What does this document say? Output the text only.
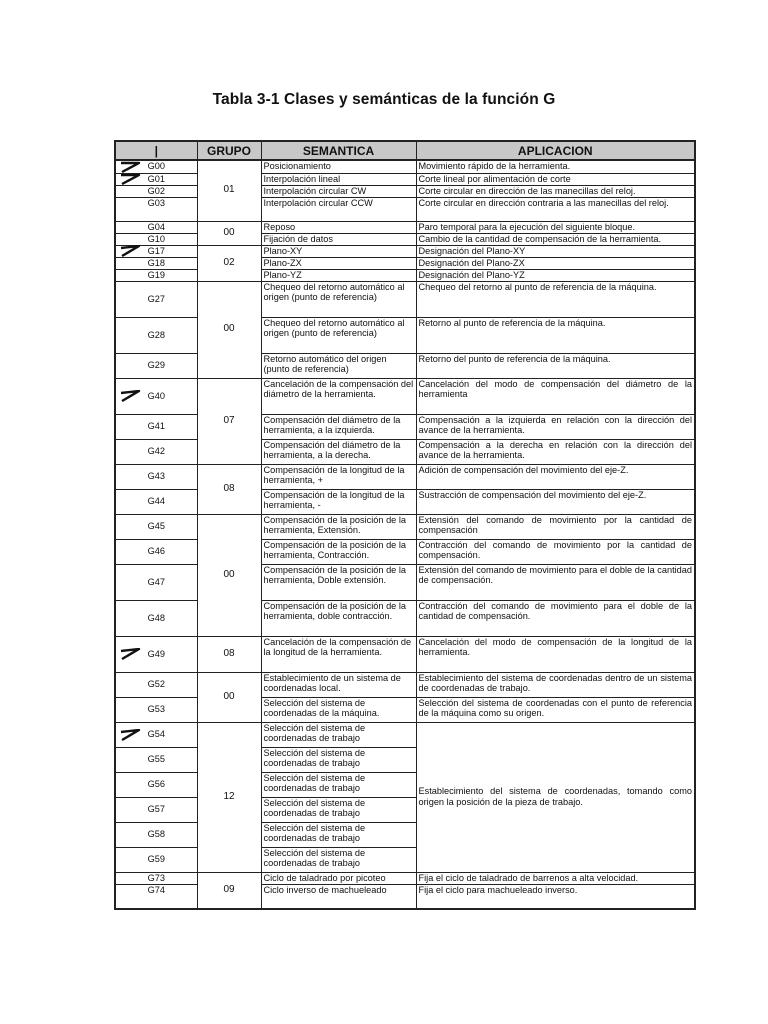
Tabla 3-1 Clases y semánticas de la función G
|	GRUPO	SEMANTICA	APLICACION

G00	01	Posicionamiento	Movimiento rápido de la herramienta.

G01		Interpolación lineal	Corte lineal por alimentación de corte
G02		Interpolación circular CW	Corte circular en dirección de las manecillas del reloj.
G03		Interpolación circular CCW	Corte circular en dirección contraria a las manecillas del reloj.
G04	00	Reposo	Paro temporal para la ejecución del siguiente bloque.
G10		Fijación de datos	Cambio de la cantidad de compensación de la herramienta.

G17	02	Plano-XY	Designación del Plano-XY
G18		Plano-ZX	Designación del Plano-ZX
G19		Plano-YZ	Designación del Plano-YZ
G27	00	Chequeo del retorno automático al origen (punto de referencia)	Chequeo del retorno al punto de referencia de la máquina.
G28		Chequeo del retorno automático al origen (punto de referencia)	Retorno al punto de referencia de la máquina.
G29		Retorno automático del origen (punto de referencia)	Retorno del punto de referencia de la máquina.

G40	07	Cancelación de la compensación del diámetro de la herramienta.	Cancelación del modo de compensación del diámetro de la herramienta
G41		Compensación del diámetro de la herramienta, a la izquierda.	Compensación a la izquierda en relación con la dirección del avance de la herramienta.
G42		Compensación del diámetro de la herramienta, a la derecha.	Compensación a la derecha en relación con la dirección del avance de la herramienta.
G43	08	Compensación de la longitud de la herramienta, +	Adición de compensación del movimiento del eje-Z.
G44		Compensación de la longitud de la herramienta, -	Sustracción de compensación del movimiento del eje-Z.
G45	00	Compensación de la posición de la herramienta, Extensión.	Extensión del comando de movimiento por la cantidad de compensación
G46		Compensación de la posición de la herramienta, Contracción.	Contracción del comando de movimiento por la cantidad de compensación.
G47		Compensación de la posición de la herramienta, Doble extensión.	Extensión del comando de movimiento para el doble de la cantidad de compensación.
G48		Compensación de la posición de la herramienta, doble contracción.	Contracción del comando de movimiento para el doble de la cantidad de compensación.

G49	08	Cancelación de la compensación de la longitud de la herramienta.	Cancelación del modo de compensación de la longitud de la herramienta.
G52	00	Establecimiento de un sistema de coordenadas local.	Establecimiento del sistema de coordenadas dentro de un sistema de coordenadas de trabajo.
G53		Selección del sistema de coordenadas de la máquina.	Selección del sistema de coordenadas con el punto de referencia de la máquina como su origen.

G54	12	Selección del sistema de coordenadas de trabajo	Establecimiento del sistema de coordenadas, tomando como origen la posición de la pieza de trabajo.
G55		Selección del sistema de coordenadas de trabajo	
G56		Selección del sistema de coordenadas de trabajo	
G57		Selección del sistema de coordenadas de trabajo	
G58		Selección del sistema de coordenadas de trabajo	
G59		Selección del sistema de coordenadas de trabajo	
G73	09	Ciclo de taladrado por picoteo	Fija el ciclo de taladrado de barrenos a alta velocidad.
G74		Ciclo inverso de machueleado	Fija el ciclo para machueleado inverso.
